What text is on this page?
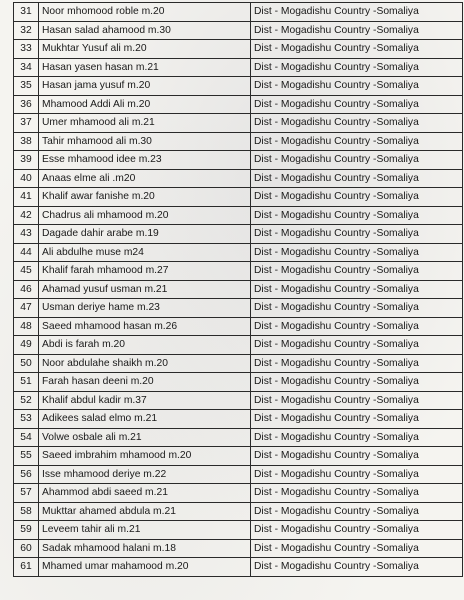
31	Noor mhomood roble m.20	Dist - Mogadishu Country -Somaliya
32	Hasan salad ahamood m.30	Dist - Mogadishu Country -Somaliya
33	Mukhtar Yusuf ali m.20	Dist - Mogadishu Country -Somaliya
34	Hasan yasen hasan m.21	Dist - Mogadishu Country -Somaliya
35	Hasan jama yusuf m.20	Dist - Mogadishu Country -Somaliya
36	Mhamood Addi Ali m.20	Dist - Mogadishu Country -Somaliya
37	Umer mhamood ali m.21	Dist - Mogadishu Country -Somaliya
38	Tahir mhamood ali m.30	Dist - Mogadishu Country -Somaliya
39	Esse mhamood idee m.23	Dist - Mogadishu Country -Somaliya
40	Anaas elme ali .m20	Dist - Mogadishu Country -Somaliya
41	Khalif awar fanishe m.20	Dist - Mogadishu Country -Somaliya
42	Chadrus ali mhamood m.20	Dist - Mogadishu Country -Somaliya
43	Dagade dahir arabe m.19	Dist - Mogadishu Country -Somaliya
44	Ali abdulhe muse m24	Dist - Mogadishu Country -Somaliya
45	Khalif farah mhamood m.27	Dist - Mogadishu Country -Somaliya
46	Ahamad yusuf usman m.21	Dist - Mogadishu Country -Somaliya
47	Usman deriye hame m.23	Dist - Mogadishu Country -Somaliya
48	Saeed mhamood hasan m.26	Dist - Mogadishu Country -Somaliya
49	Abdi is farah m.20	Dist - Mogadishu Country -Somaliya
50	Noor abdulahe shaikh m.20	Dist - Mogadishu Country -Somaliya
51	Farah hasan deeni m.20	Dist - Mogadishu Country -Somaliya
52	Khalif abdul kadir m.37	Dist - Mogadishu Country -Somaliya
53	Adikees salad elmo m.21	Dist - Mogadishu Country -Somaliya
54	Volwe osbale ali m.21	Dist - Mogadishu Country -Somaliya
55	Saeed imbrahim mhamood m.20	Dist - Mogadishu Country -Somaliya
56	Isse mhamood deriye m.22	Dist - Mogadishu Country -Somaliya
57	Ahammod abdi saeed m.21	Dist - Mogadishu Country -Somaliya
58	Mukttar ahamed abdula m.21	Dist - Mogadishu Country -Somaliya
59	Leveem tahir ali m.21	Dist - Mogadishu Country -Somaliya
60	Sadak mhamood halani m.18	Dist - Mogadishu Country -Somaliya
61	Mhamed umar mahamood m.20	Dist - Mogadishu Country -Somaliya
